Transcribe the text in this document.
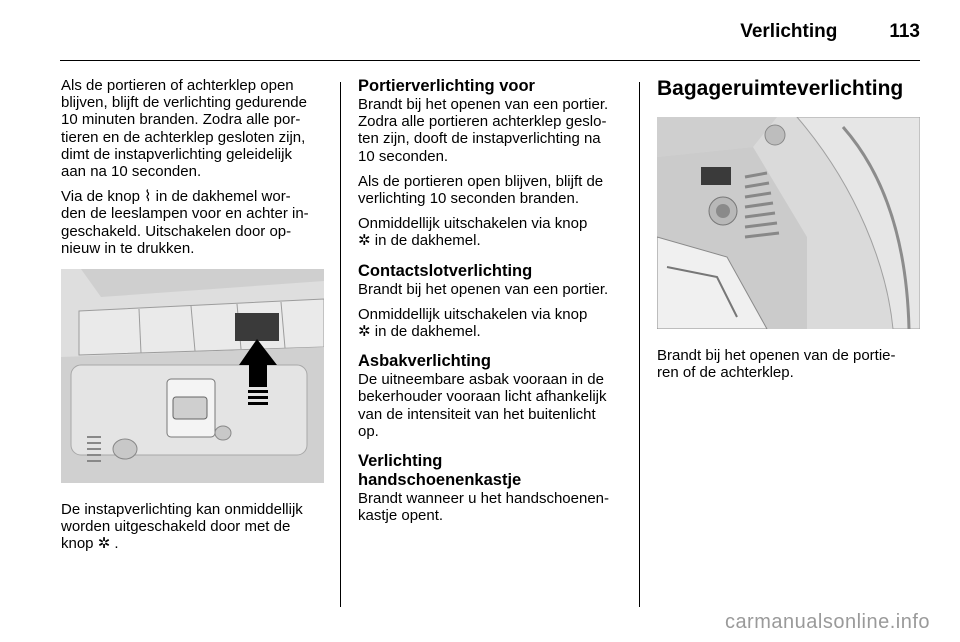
Verlichting	113

Als de portieren of achterklep open
blijven, blijft de verlichting gedurende
10 minuten branden. Zodra alle por-
tieren en de achterklep gesloten zijn,
dimt de instapverlichting geleidelijk
aan na 10 seconden.

Via de knop ⌇ in de dakhemel wor-
den de leeslampen voor en achter in-
geschakeld. Uitschakelen door op-
nieuw in te drukken.

De instapverlichting kan onmiddellijk
worden uitgeschakeld door met de
knop ✲ .

Portierverlichting voor

Brandt bij het openen van een portier.
Zodra alle portieren achterklep geslo-
ten zijn, dooft de instapverlichting na
10 seconden.

Als de portieren open blijven, blijft de
verlichting 10 seconden branden.

Onmiddellijk uitschakelen via knop
✲ in de dakhemel.

Contactslotverlichting

Brandt bij het openen van een portier.

Onmiddellijk uitschakelen via knop
✲ in de dakhemel.

Asbakverlichting

De uitneembare asbak vooraan in de
bekerhouder vooraan licht afhankelijk
van de intensiteit van het buitenlicht
op.

Verlichting
handschoenenkastje

Brandt wanneer u het handschoenen-
kastje opent.

Bagageruimteverlichting

Brandt bij het openen van de portie-
ren of de achterklep.

carmanualsonline.info
